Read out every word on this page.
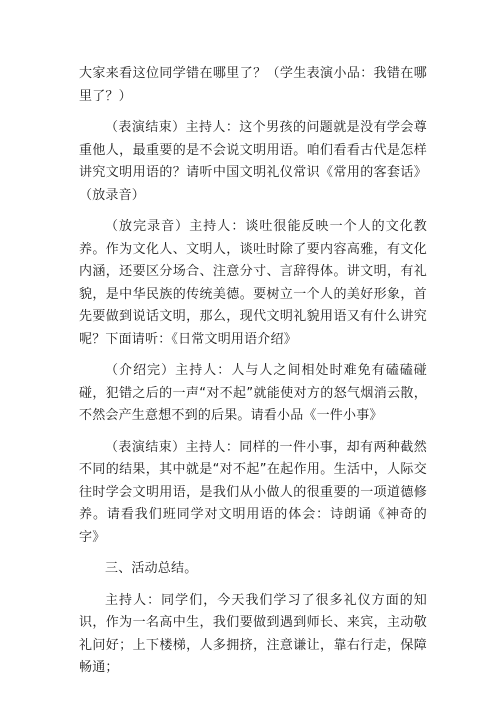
大家来看这位同学错在哪里了？（学生表演小品：我错在哪里了？）

（表演结束）主持人：这个男孩的问题就是没有学会尊重他人，最重要的是不会说文明用语。咱们看看古代是怎样讲究文明用语的？请听中国文明礼仪常识《常用的客套话》（放录音）

（放完录音）主持人：谈吐很能反映一个人的文化教养。作为文化人、文明人，谈吐时除了要内容高雅，有文化内涵，还要区分场合、注意分寸、言辞得体。讲文明，有礼貌，是中华民族的传统美德。要树立一个人的美好形象，首先要做到说话文明，那么，现代文明礼貌用语又有什么讲究呢？下面请听：《日常文明用语介绍》

（介绍完）主持人：人与人之间相处时难免有磕磕碰碰，犯错之后的一声“对不起”就能使对方的怒气烟消云散，不然会产生意想不到的后果。请看小品《一件小事》

（表演结束）主持人：同样的一件小事，却有两种截然不同的结果，其中就是“对不起”在起作用。生活中，人际交往时学会文明用语，是我们从小做人的很重要的一项道德修养。请看我们班同学对文明用语的体会：诗朗诵《神奇的字》

三、活动总结。

主持人：同学们，今天我们学习了很多礼仪方面的知识，作为一名高中生，我们要做到遇到师长、来宾，主动敬礼问好；上下楼梯，人多拥挤，注意谦让，靠右行走，保障畅通；
